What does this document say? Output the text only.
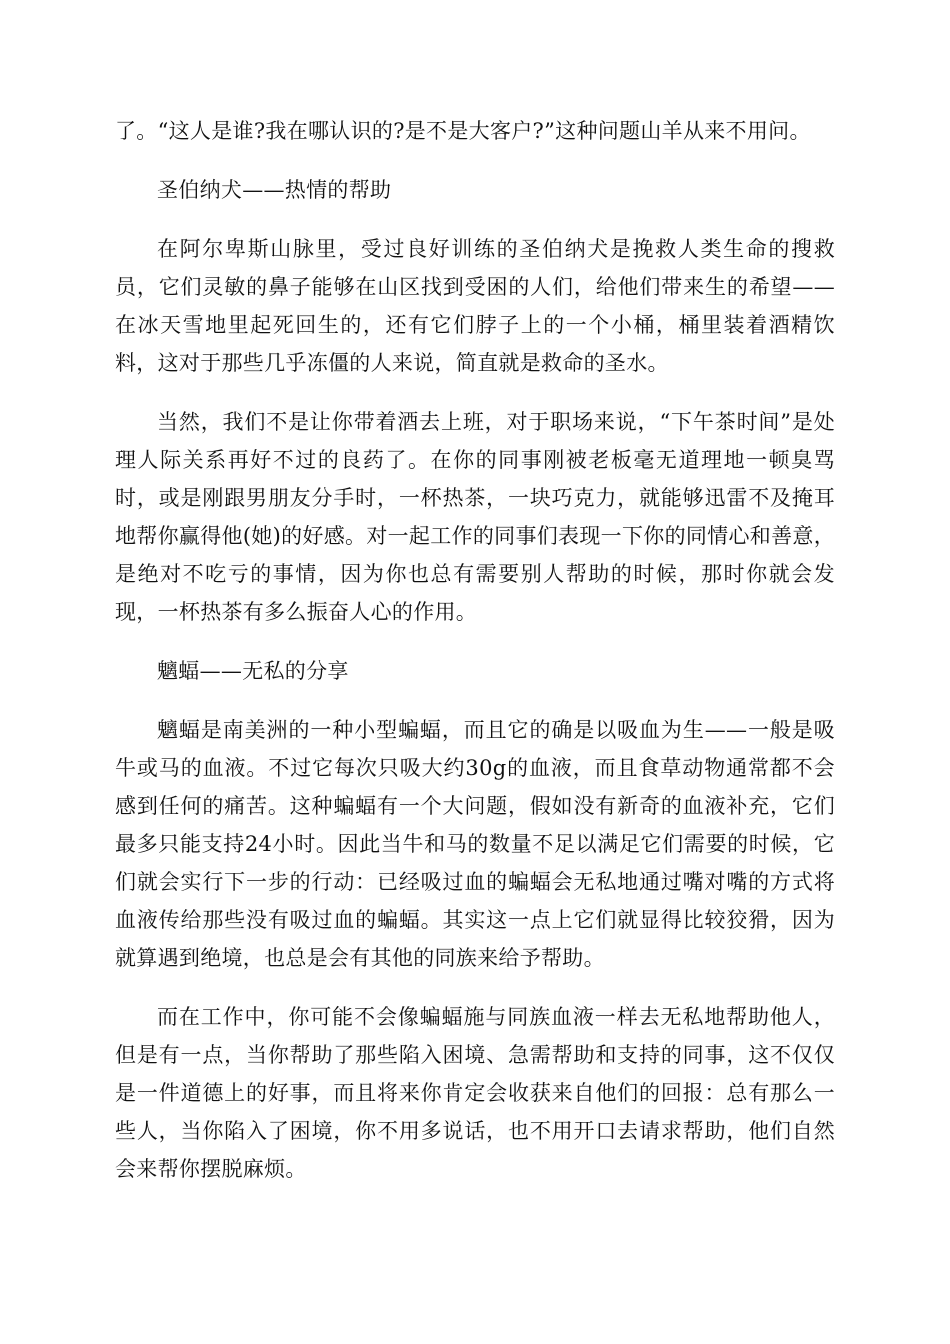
了。“这人是谁?我在哪认识的?是不是大客户?”这种问题山羊从来不用问。

圣伯纳犬——热情的帮助

在阿尔卑斯山脉里，受过良好训练的圣伯纳犬是挽救人类生命的搜救员，它们灵敏的鼻子能够在山区找到受困的人们，给他们带来生的希望——在冰天雪地里起死回生的，还有它们脖子上的一个小桶，桶里装着酒精饮料，这对于那些几乎冻僵的人来说，简直就是救命的圣水。

当然，我们不是让你带着酒去上班，对于职场来说，“下午茶时间”是处理人际关系再好不过的良药了。在你的同事刚被老板毫无道理地一顿臭骂时，或是刚跟男朋友分手时，一杯热茶，一块巧克力，就能够迅雷不及掩耳地帮你赢得他(她)的好感。对一起工作的同事们表现一下你的同情心和善意，是绝对不吃亏的事情，因为你也总有需要别人帮助的时候，那时你就会发现，一杯热茶有多么振奋人心的作用。

魑蝠——无私的分享

魑蝠是南美洲的一种小型蝙蝠，而且它的确是以吸血为生——一般是吸牛或马的血液。不过它每次只吸大约30g的血液，而且食草动物通常都不会感到任何的痛苦。这种蝙蝠有一个大问题，假如没有新奇的血液补充，它们最多只能支持24小时。因此当牛和马的数量不足以满足它们需要的时候，它们就会实行下一步的行动：已经吸过血的蝙蝠会无私地通过嘴对嘴的方式将血液传给那些没有吸过血的蝙蝠。其实这一点上它们就显得比较狡猾，因为就算遇到绝境，也总是会有其他的同族来给予帮助。

而在工作中，你可能不会像蝙蝠施与同族血液一样去无私地帮助他人，但是有一点，当你帮助了那些陷入困境、急需帮助和支持的同事，这不仅仅是一件道德上的好事，而且将来你肯定会收获来自他们的回报：总有那么一些人，当你陷入了困境，你不用多说话，也不用开口去请求帮助，他们自然会来帮你摆脱麻烦。
